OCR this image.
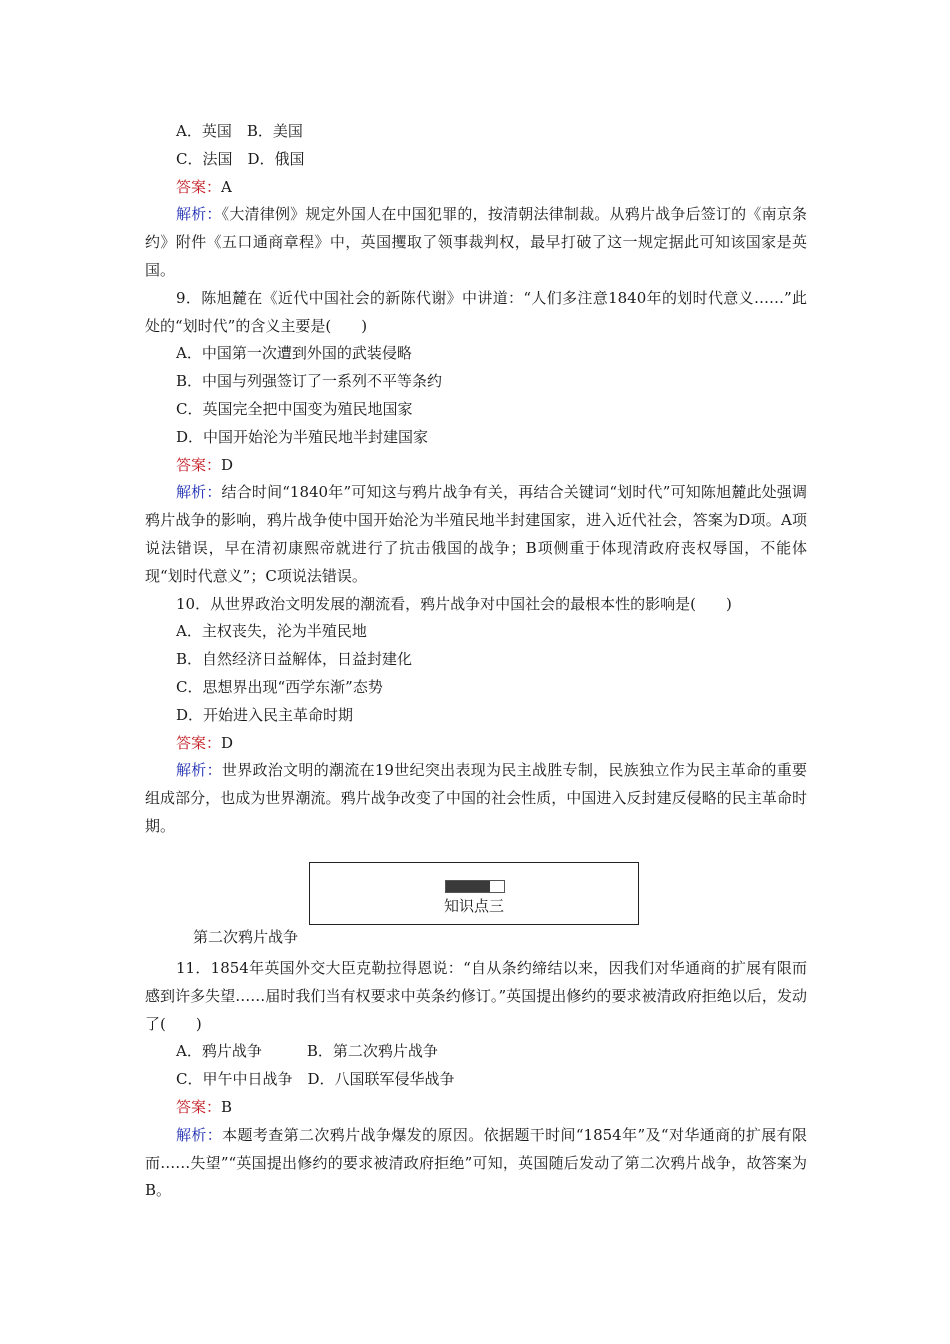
A．英国　B．美国
C．法国　D．俄国
答案：A

解析：《大清律例》规定外国人在中国犯罪的，按清朝法律制裁。从鸦片战争后签订的《南京条约》附件《五口通商章程》中，英国攫取了领事裁判权，最早打破了这一规定据此可知该国家是英国。

9．陈旭麓在《近代中国社会的新陈代谢》中讲道：“人们多注意1840年的划时代意义……”此处的“划时代”的含义主要是(　　)

A．中国第一次遭到外国的武装侵略
B．中国与列强签订了一系列不平等条约
C．英国完全把中国变为殖民地国家
D．中国开始沦为半殖民地半封建国家
答案：D

解析：结合时间“1840年”可知这与鸦片战争有关，再结合关键词“划时代”可知陈旭麓此处强调鸦片战争的影响，鸦片战争使中国开始沦为半殖民地半封建国家，进入近代社会，答案为D项。A项说法错误，早在清初康熙帝就进行了抗击俄国的战争；B项侧重于体现清政府丧权辱国，不能体现“划时代意义”；C项说法错误。

10．从世界政治文明发展的潮流看，鸦片战争对中国社会的最根本性的影响是(　　)

A．主权丧失，沦为半殖民地
B．自然经济日益解体，日益封建化
C．思想界出现“西学东渐”态势
D．开始进入民主革命时期
答案：D

解析：世界政治文明的潮流在19世纪突出表现为民主战胜专制，民族独立作为民主革命的重要组成部分，也成为世界潮流。鸦片战争改变了中国的社会性质，中国进入反封建反侵略的民主革命时期。

知识点三
第二次鸦片战争

11．1854年英国外交大臣克勒拉得恩说：“自从条约缔结以来，因我们对华通商的扩展有限而感到许多失望……届时我们当有权要求中英条约修订。”英国提出修约的要求被清政府拒绝以后，发动了(　　)

A．鸦片战争　　　B．第二次鸦片战争
C．甲午中日战争　D．八国联军侵华战争
答案：B

解析：本题考查第二次鸦片战争爆发的原因。依据题干时间“1854年”及“对华通商的扩展有限而……失望”“英国提出修约的要求被清政府拒绝”可知，英国随后发动了第二次鸦片战争，故答案为B。
